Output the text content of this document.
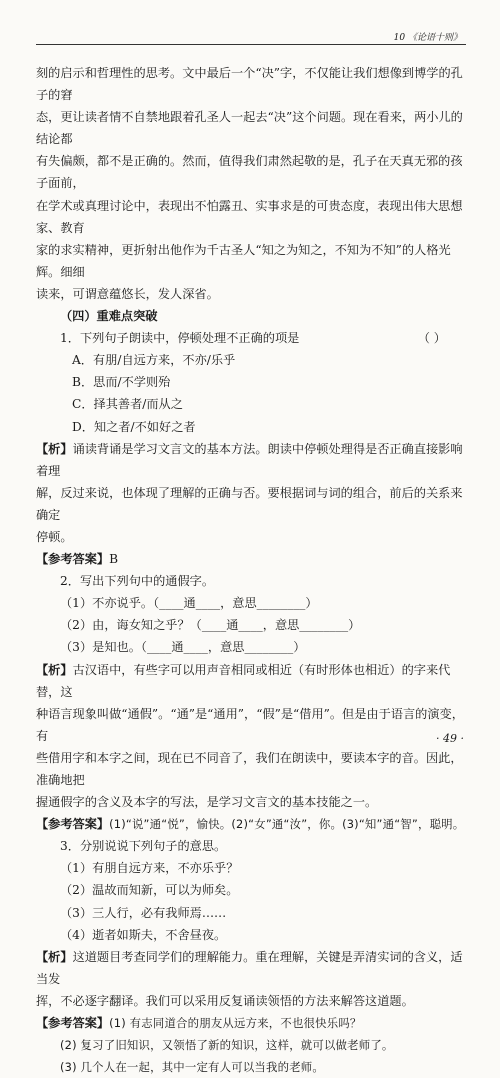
10 《论语十则》

刻的启示和哲理性的思考。文中最后一个“决”字，不仅能让我们想像到博学的孔子的窘

态，更让读者情不自禁地跟着孔圣人一起去“决”这个问题。现在看来，两小儿的结论都

有失偏颇，都不是正确的。然而，值得我们肃然起敬的是，孔子在天真无邪的孩子面前，

在学术或真理讨论中，表现出不怕露丑、实事求是的可贵态度，表现出伟大思想家、教育

家的求实精神，更折射出他作为千古圣人“知之为知之，不知为不知”的人格光辉。细细

读来，可谓意蕴悠长，发人深省。

（四）重难点突破

1．下列句子朗读中，停顿处理不正确的项是	（ ）

A．有朋/自远方来，不亦/乐乎

B．思而/不学则殆

C．择其善者/而从之

D．知之者/不如好之者

【析】诵读背诵是学习文言文的基本方法。朗读中停顿处理得是否正确直接影响着理

解，反过来说，也体现了理解的正确与否。要根据词与词的组合，前后的关系来确定

停顿。

【参考答案】B

2．写出下列句中的通假字。

（1）不亦说乎。（____通____，意思________）

（2）由，诲女知之乎？（____通____，意思________）

（3）是知也。（____通____，意思________）

【析】古汉语中，有些字可以用声音相同或相近（有时形体也相近）的字来代替，这

种语言现象叫做“通假”。“通”是“通用”，“假”是“借用”。但是由于语言的演变，有

些借用字和本字之间，现在已不同音了，我们在朗读中，要读本字的音。因此，准确地把

握通假字的含义及本字的写法，是学习文言文的基本技能之一。

【参考答案】(1)“说”通“悦”，愉快。(2)“女”通“汝”，你。(3)“知”通“智”，聪明。

3．分别说说下列句子的意思。

（1）有朋自远方来，不亦乐乎？

（2）温故而知新，可以为师矣。

（3）三人行，必有我师焉……

（4）逝者如斯夫，不舍昼夜。

【析】这道题目考查同学们的理解能力。重在理解，关键是弄清实词的含义，适当发

挥，不必逐字翻译。我们可以采用反复诵读领悟的方法来解答这道题。

【参考答案】(1) 有志同道合的朋友从远方来，不也很快乐吗？

(2) 复习了旧知识，又领悟了新的知识，这样，就可以做老师了。

(3) 几个人在一起，其中一定有人可以当我的老师。

· 49 ·
